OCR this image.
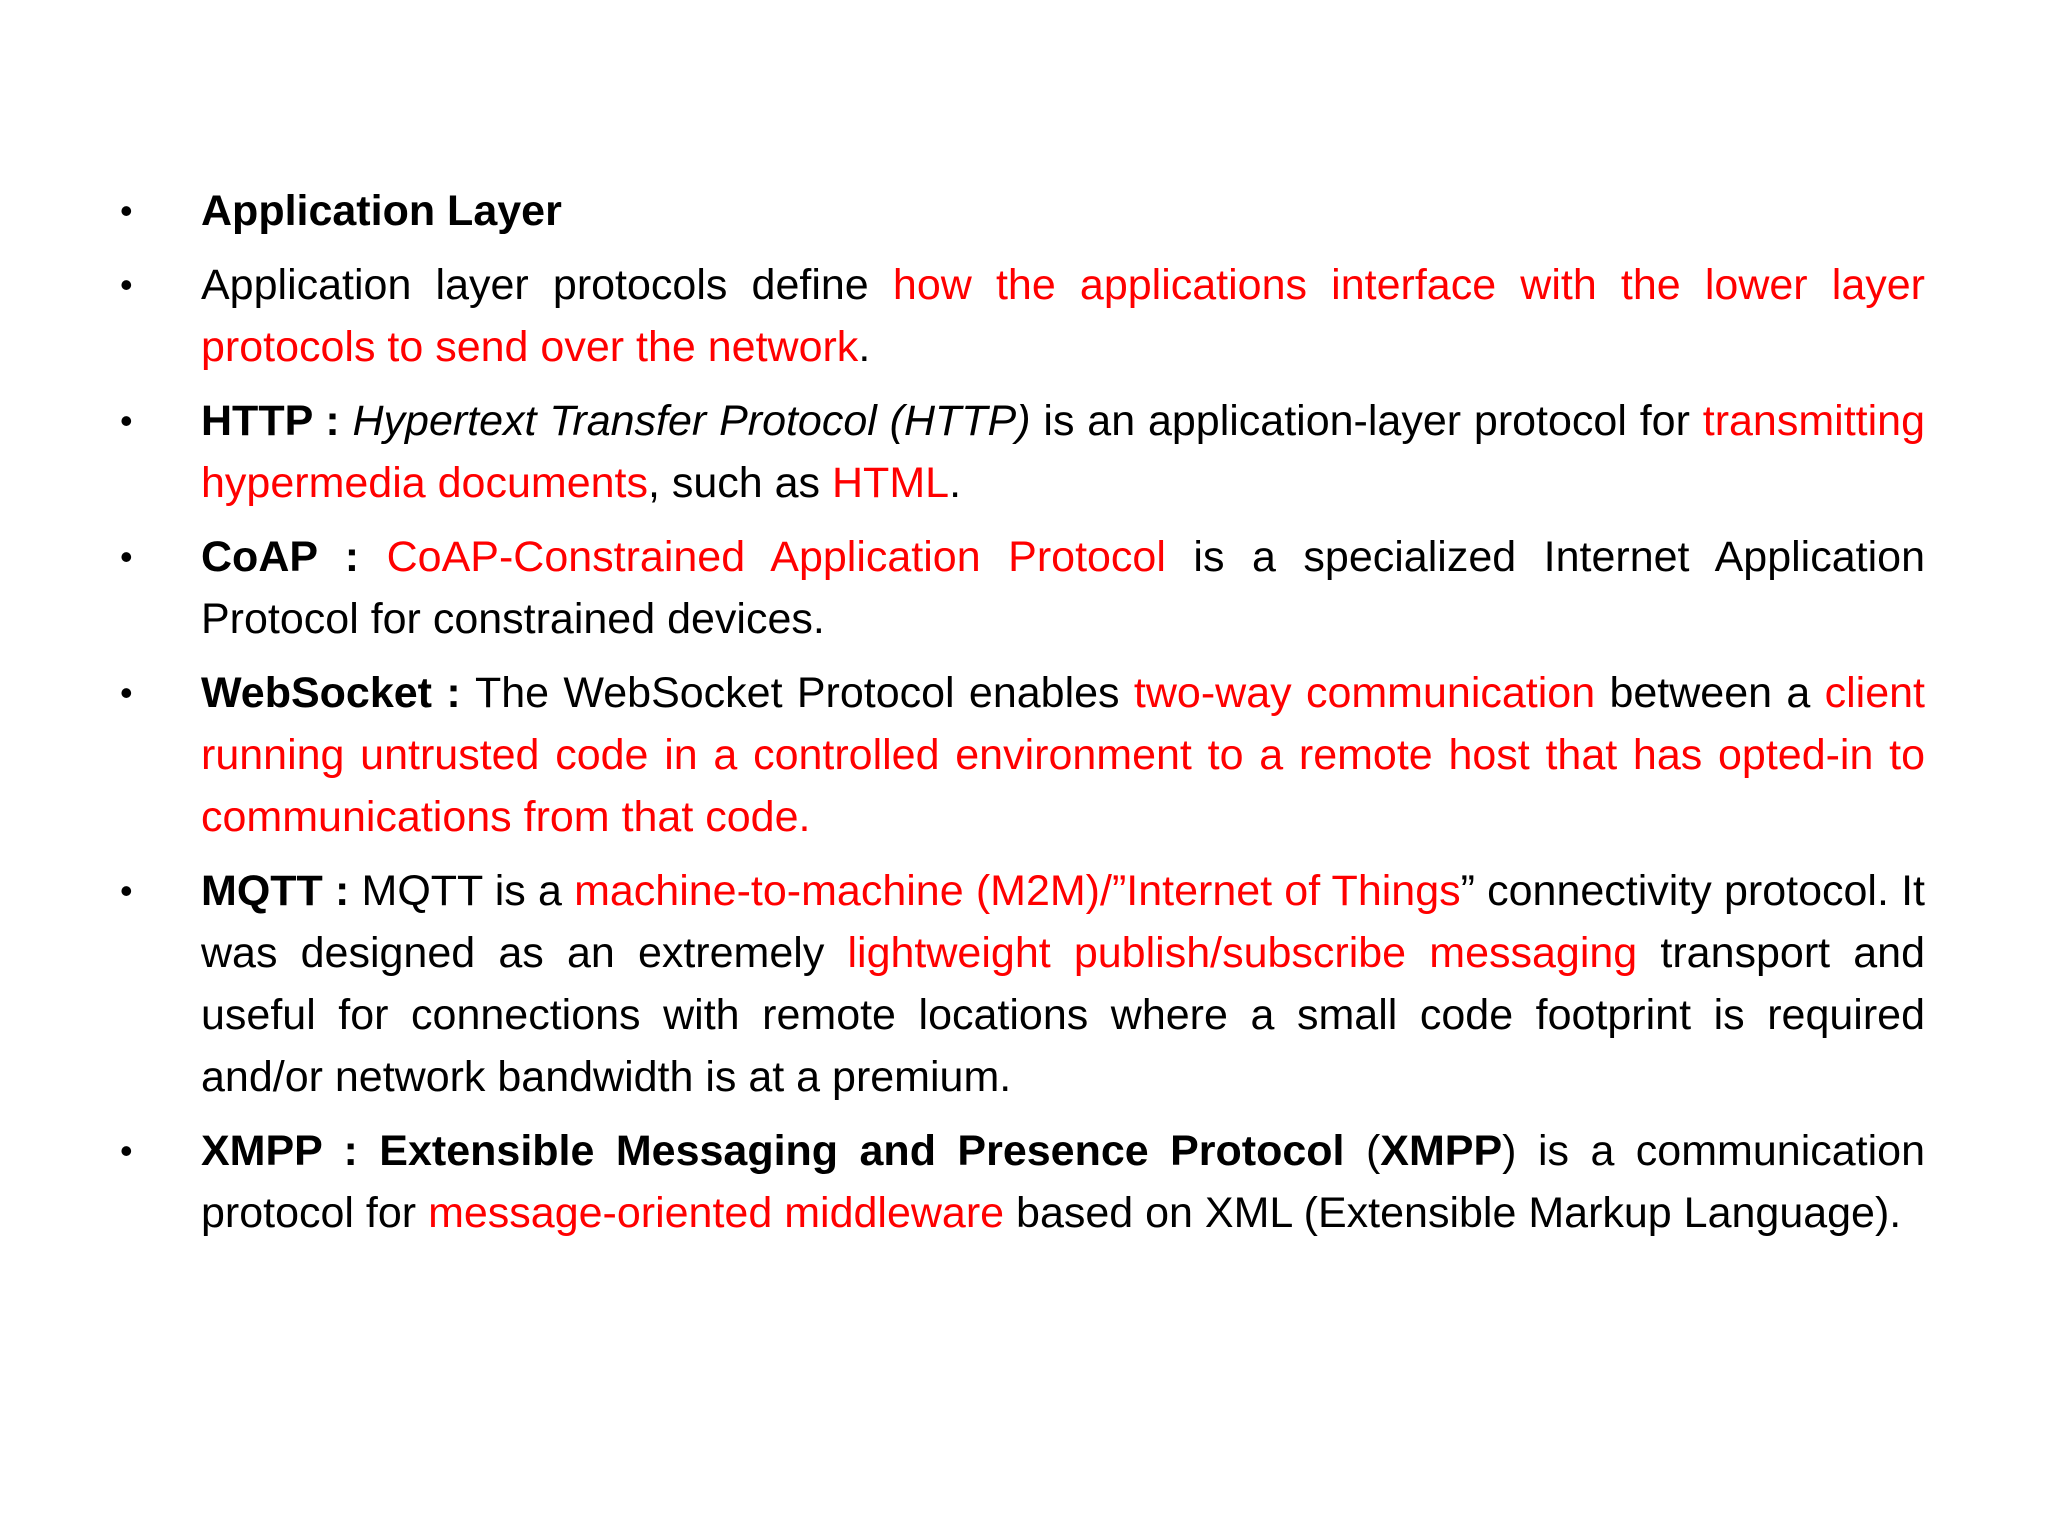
•	Application Layer
•	Application layer protocols define how the applications interface with the lower layer protocols to send over the network.
•	HTTP : Hypertext Transfer Protocol (HTTP) is an application-layer protocol for transmitting hypermedia documents, such as HTML.
•	CoAP : CoAP-Constrained Application Protocol is a specialized Internet Application Protocol for constrained devices.
•	WebSocket : The WebSocket Protocol enables two-way communication between a client running untrusted code in a controlled environment to a remote host that has opted-in to communications from that code.
•	MQTT : MQTT is a machine-to-machine (M2M)/”Internet of Things” connectivity protocol. It was designed as an extremely lightweight publish/subscribe messaging transport and useful for connections with remote locations where a small code footprint is required and/or network bandwidth is at a premium.
•	XMPP : Extensible Messaging and Presence Protocol (XMPP) is a communication protocol for message-oriented middleware based on XML (Extensible Markup Language).
